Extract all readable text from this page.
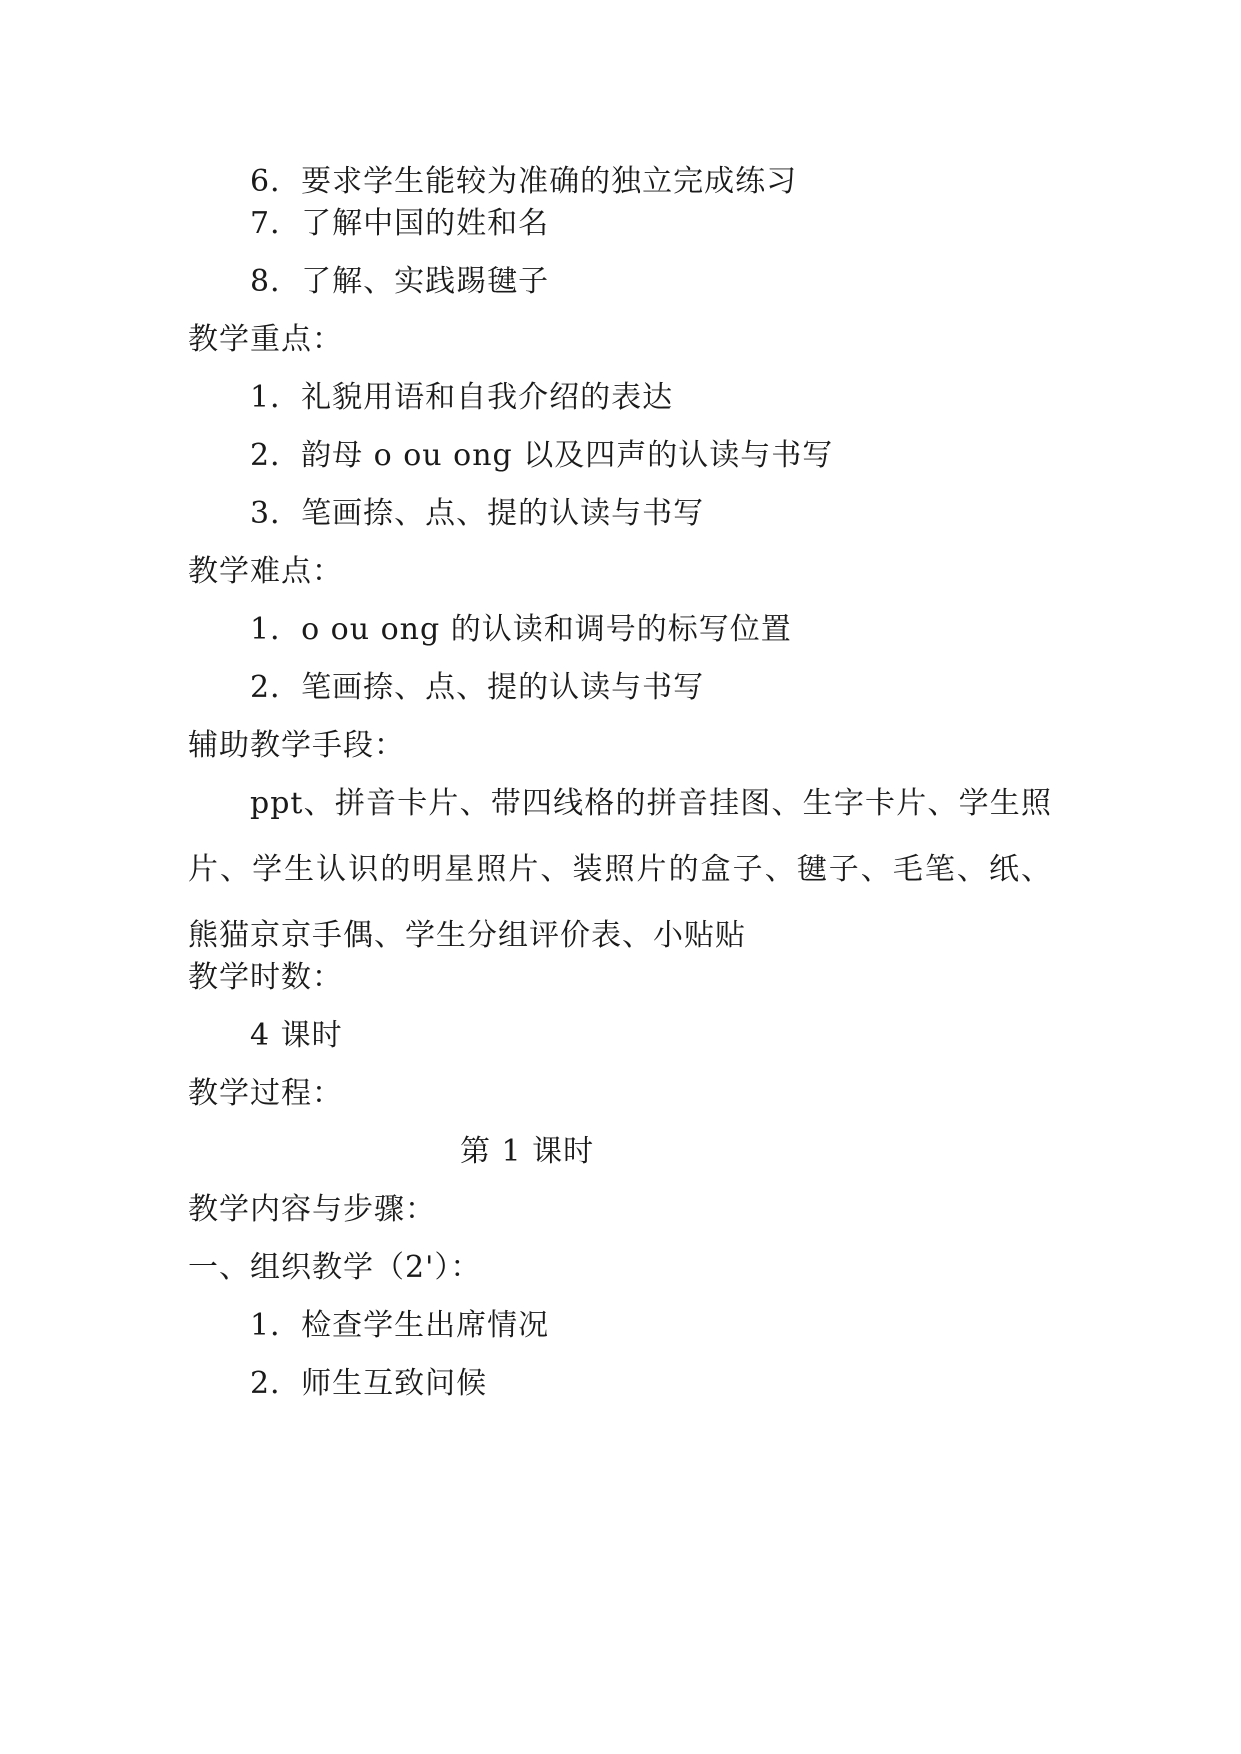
6．要求学生能较为准确的独立完成练习
7．了解中国的姓和名
8．了解、实践踢毽子
教学重点：
1．礼貌用语和自我介绍的表达
2．韵母 o ou ong 以及四声的认读与书写
3．笔画捺、点、提的认读与书写
教学难点：
1．o ou ong 的认读和调号的标写位置
2．笔画捺、点、提的认读与书写
辅助教学手段：
ppt、拼音卡片、带四线格的拼音挂图、生字卡片、学生照片、学生认识的明星照片、装照片的盒子、毽子、毛笔、纸、熊猫京京手偶、学生分组评价表、小贴贴
教学时数：
4 课时
教学过程：
第 1 课时
教学内容与步骤：
一、组织教学（2'）：
1．检查学生出席情况
2．师生互致问候
